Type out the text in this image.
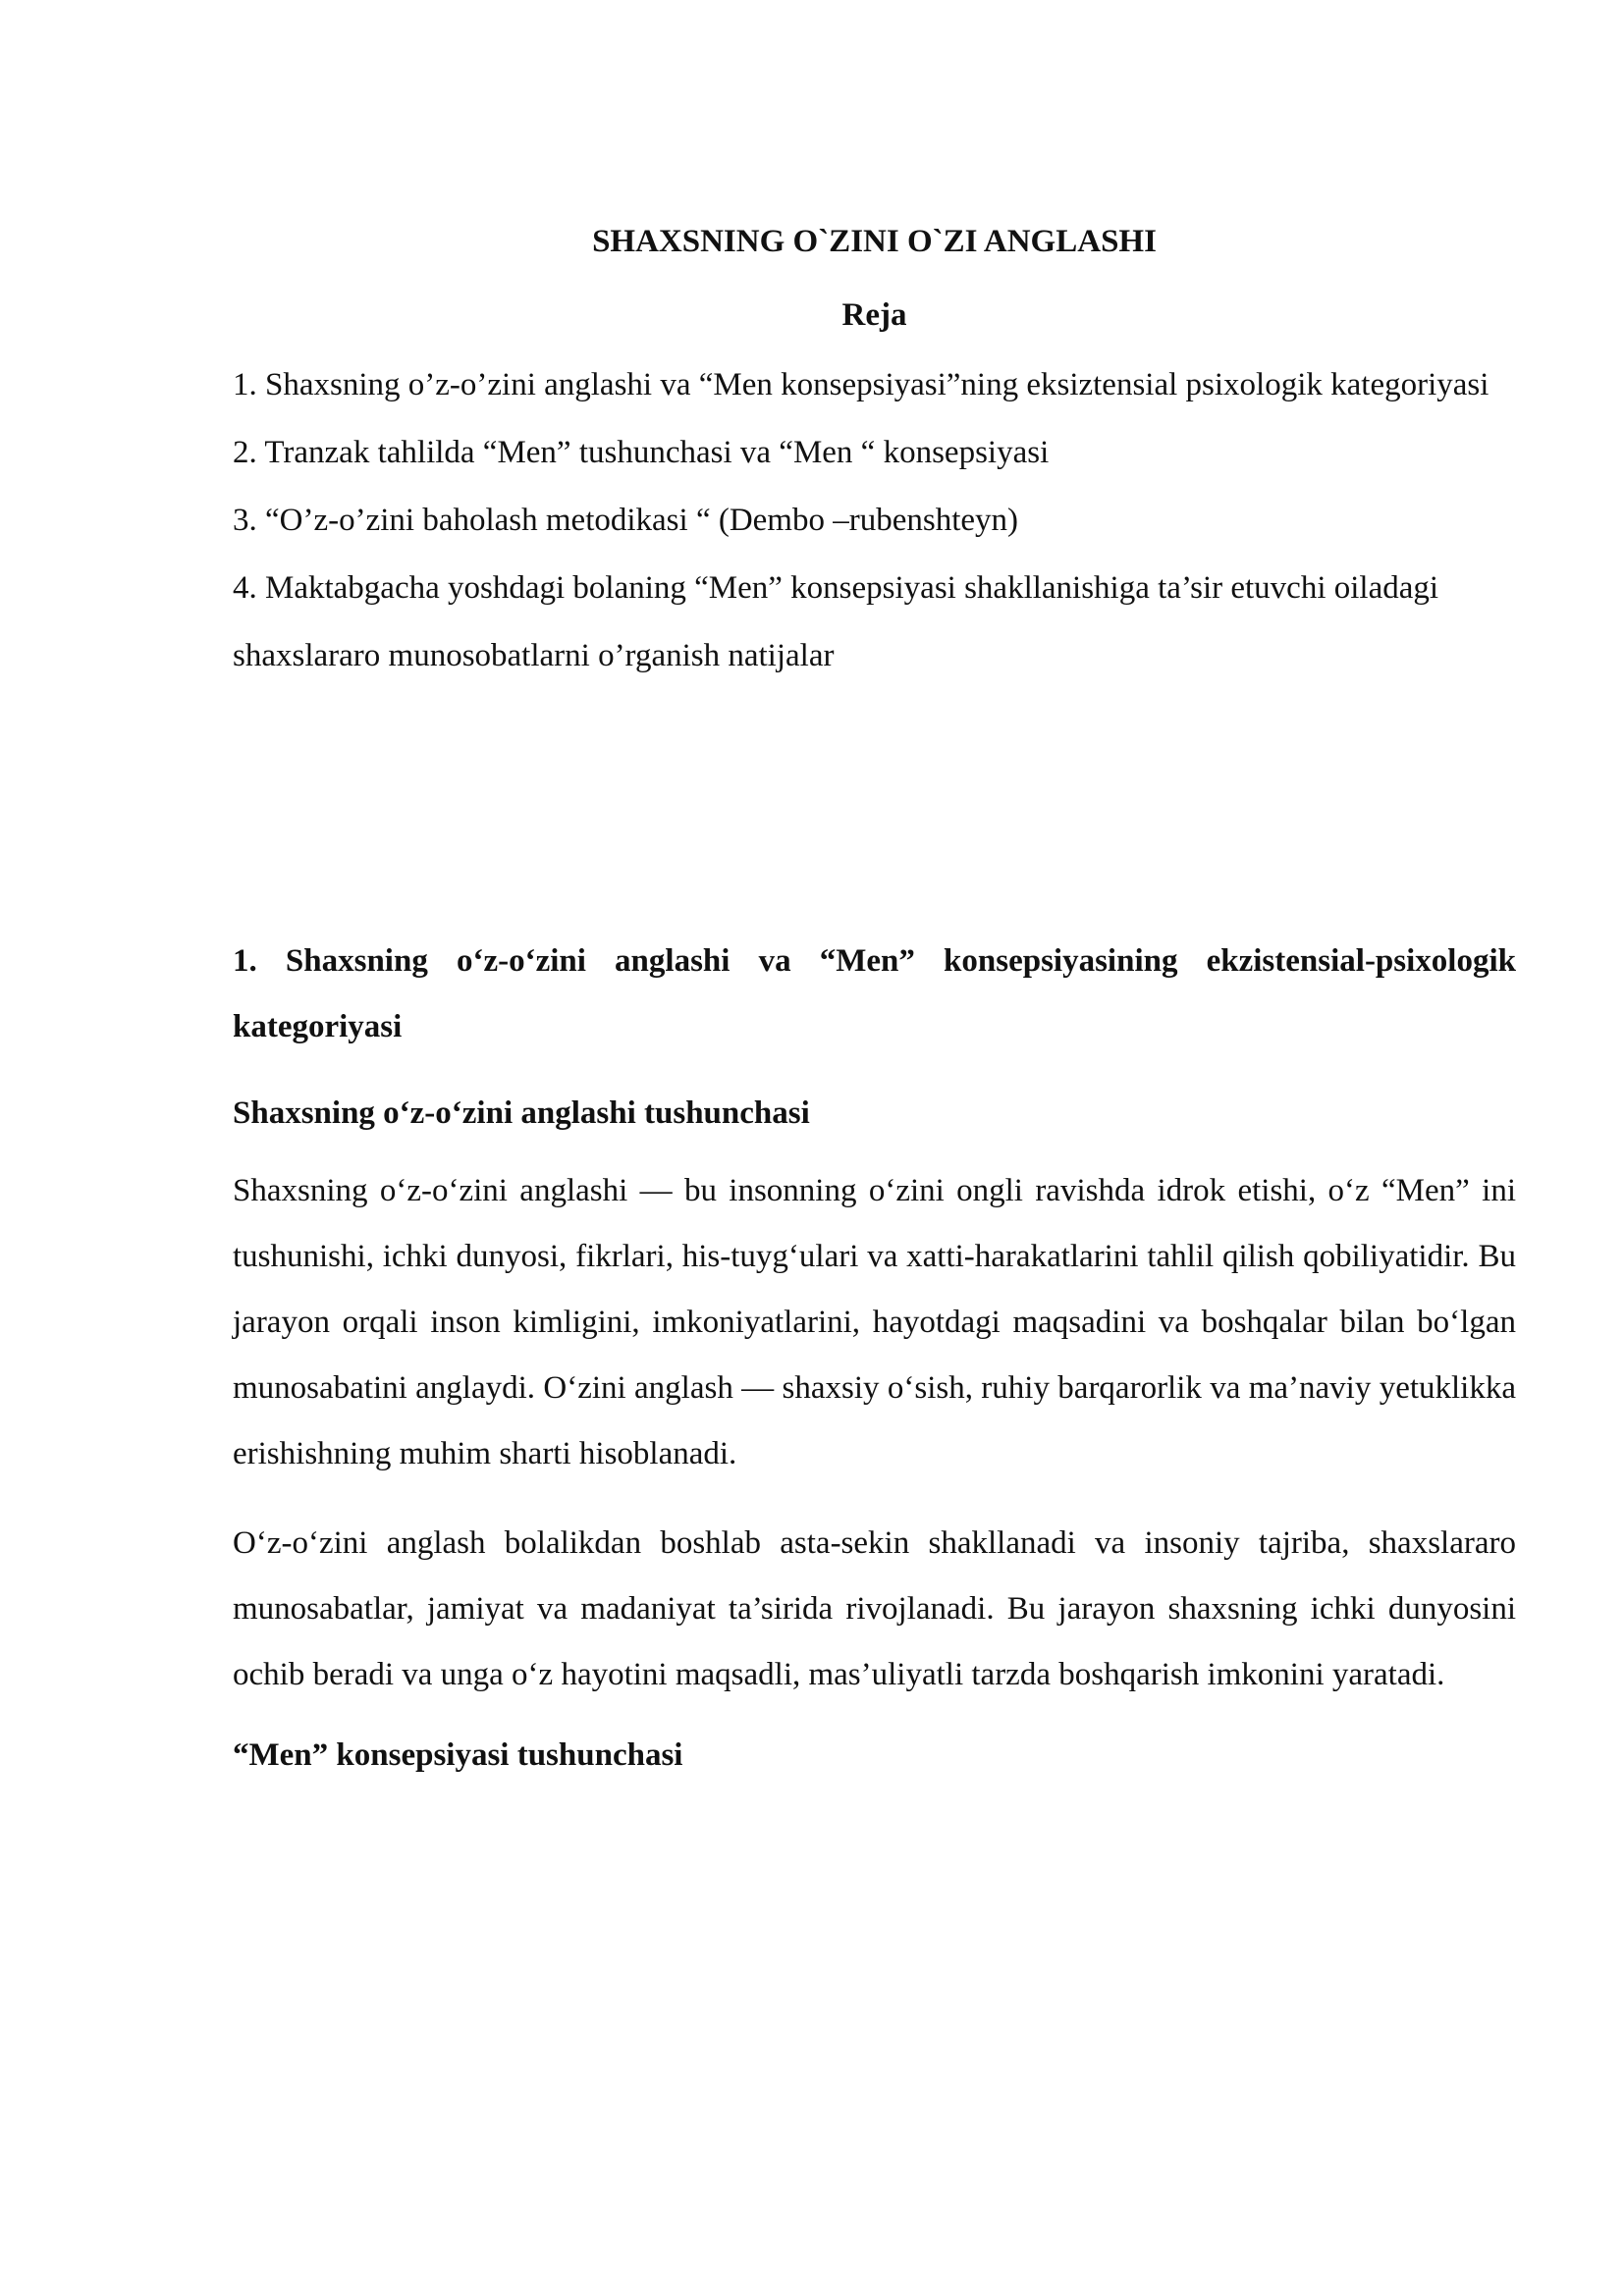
SHAXSNING O`ZINI O`ZI ANGLASHI
Reja

1. Shaxsning o’z-o’zini anglashi va “Men konsepsiyasi”ning eksiztensial psixologik kategoriyasi

2. Tranzak tahlilda “Men” tushunchasi va “Men “ konsepsiyasi

3. “O’z-o’zini baholash metodikasi “ (Dembo –rubenshteyn)

4. Maktabgacha yoshdagi bolaning “Men” konsepsiyasi shakllanishiga ta’sir etuvchi oiladagi shaxslararo munosobatlarni o’rganish natijalar

1. Shaxsning o‘z-o‘zini anglashi va “Men” konsepsiyasining ekzistensial-psixologik kategoriyasi
Shaxsning o‘z-o‘zini anglashi tushunchasi

Shaxsning o‘z-o‘zini anglashi — bu insonning o‘zini ongli ravishda idrok etishi, o‘z “Men” ini tushunishi, ichki dunyosi, fikrlari, his-tuyg‘ulari va xatti-harakatlarini tahlil qilish qobiliyatidir. Bu jarayon orqali inson kimligini, imkoniyatlarini, hayotdagi maqsadini va boshqalar bilan bo‘lgan munosabatini anglaydi. O‘zini anglash — shaxsiy o‘sish, ruhiy barqarorlik va ma’naviy yetuklikka erishishning muhim sharti hisoblanadi.

O‘z-o‘zini anglash bolalikdan boshlab asta-sekin shakllanadi va insoniy tajriba, shaxslararo munosabatlar, jamiyat va madaniyat ta’sirida rivojlanadi. Bu jarayon shaxsning ichki dunyosini ochib beradi va unga o‘z hayotini maqsadli, mas’uliyatli tarzda boshqarish imkonini yaratadi.

“Men” konsepsiyasi tushunchasi
